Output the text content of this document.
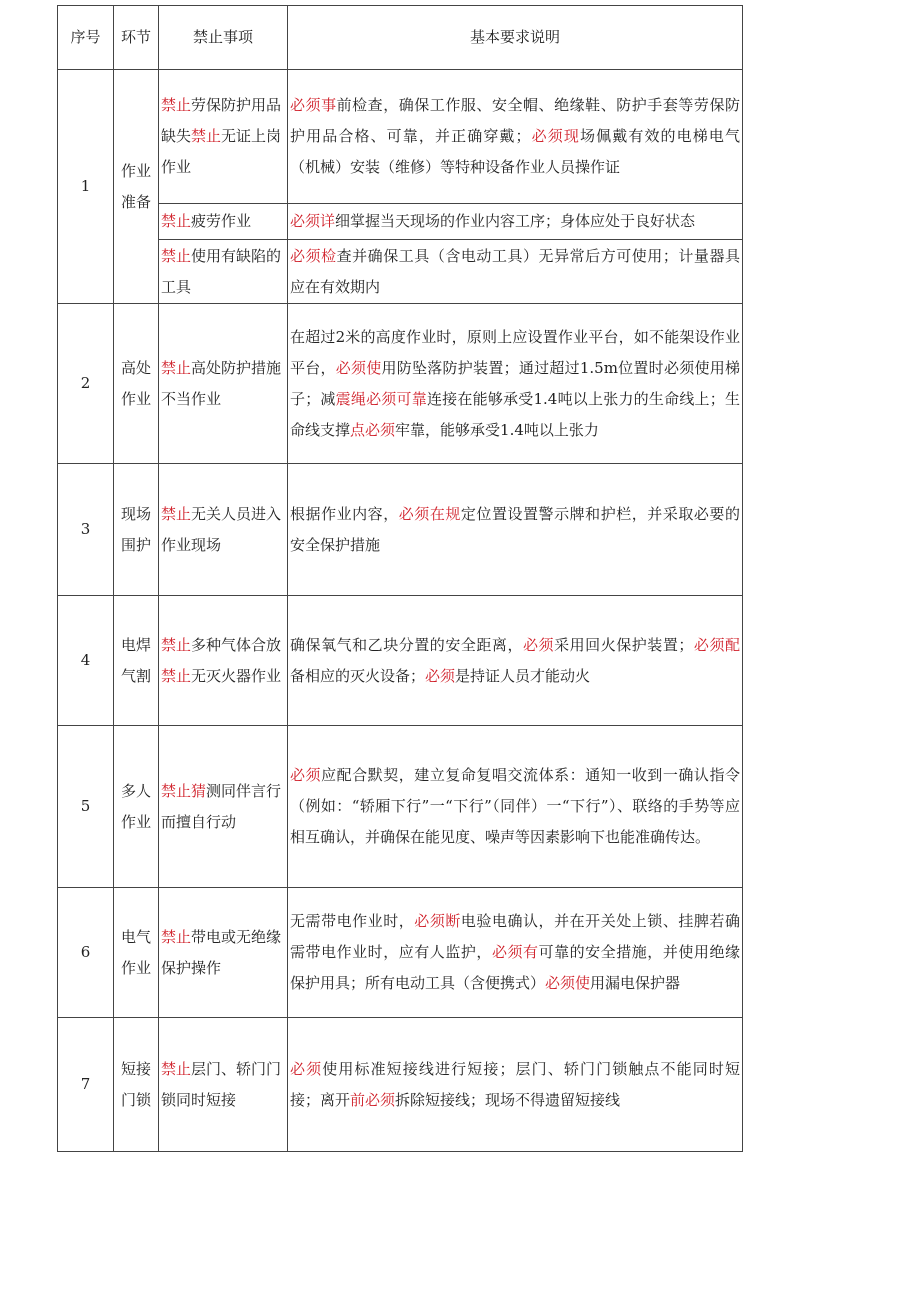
序号	环节	禁止事项	基本要求说明
1	作业准备	禁止劳保防护用品缺失禁止无证上岗作业	必须事前检查，确保工作服、安全帽、绝缘鞋、防护手套等劳保防护用品合格、可靠，并正确穿戴；必须现场佩戴有效的电梯电气（机械）安装（维修）等特种设备作业人员操作证
		禁止疲劳作业	必须详细掌握当天现场的作业内容工序；身体应处于良好状态
		禁止使用有缺陷的工具	必须检查并确保工具（含电动工具）无异常后方可使用；计量器具应在有效期内
2	高处作业	禁止高处防护措施不当作业	在超过2米的高度作业时，原则上应设置作业平台，如不能架设作业平台，必须使用防坠落防护装置；通过超过1.5m位置时必须使用梯子；减震绳必须可靠连接在能够承受1.4吨以上张力的生命线上；生命线支撑点必须牢靠，能够承受1.4吨以上张力
3	现场围护	禁止无关人员进入作业现场	根据作业内容，必须在规定位置设置警示牌和护栏，并采取必要的安全保护措施
4	电焊气割	禁止多种气体合放禁止无灭火器作业	确保氧气和乙块分置的安全距离，必须采用回火保护装置；必须配备相应的灭火设备；必须是持证人员才能动火
5	多人作业	禁止猜测同伴言行而擅自行动	必须应配合默契，建立复命复唱交流体系：通知一收到一确认指令（例如：“轿厢下行”一“下行”（同伴）一“下行”）、联络的手势等应相互确认，并确保在能见度、噪声等因素影响下也能准确传达。
6	电气作业	禁止带电或无绝缘保护操作	无需带电作业时，必须断电验电确认，并在开关处上锁、挂脾若确需带电作业时，应有人监护，必须有可靠的安全措施，并使用绝缘保护用具；所有电动工具（含便携式）必须使用漏电保护器
7	短接门锁	禁止层门、轿门门锁同时短接	必须使用标准短接线进行短接；层门、轿门门锁触点不能同时短接；离开前必须拆除短接线；现场不得遗留短接线
